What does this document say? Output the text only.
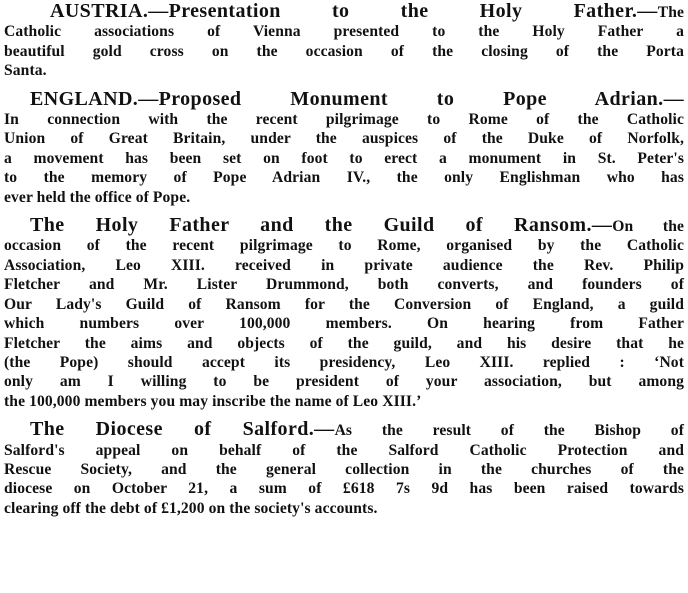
AUSTRIA.—Presentation to the Holy Father.—The
Catholic associations of Vienna presented to the Holy Father a
beautiful gold cross on the occasion of the closing of the Porta
Santa.
ENGLAND.—Proposed Monument to Pope Adrian.—
In connection with the recent pilgrimage to Rome of the Catholic
Union of Great Britain, under the auspices of the Duke of Norfolk,
a movement has been set on foot to erect a monument in St. Peter's
to the memory of Pope Adrian IV., the only Englishman who has
ever held the office of Pope.
The Holy Father and the Guild of Ransom.—On the
occasion of the recent pilgrimage to Rome, organised by the Catholic
Association, Leo XIII. received in private audience the Rev. Philip
Fletcher and Mr. Lister Drummond, both converts, and founders of
Our Lady's Guild of Ransom for the Conversion of England, a guild
which numbers over 100,000 members. On hearing from Father
Fletcher the aims and objects of the guild, and his desire that he
(the Pope) should accept its presidency, Leo XIII. replied : ‘Not
only am I willing to be president of your association, but among
the 100,000 members you may inscribe the name of Leo XIII.’
The Diocese of Salford.—As the result of the Bishop of
Salford's appeal on behalf of the Salford Catholic Protection and
Rescue Society, and the general collection in the churches of the
diocese on October 21, a sum of £618 7s 9d has been raised towards
clearing off the debt of £1,200 on the society's accounts.
